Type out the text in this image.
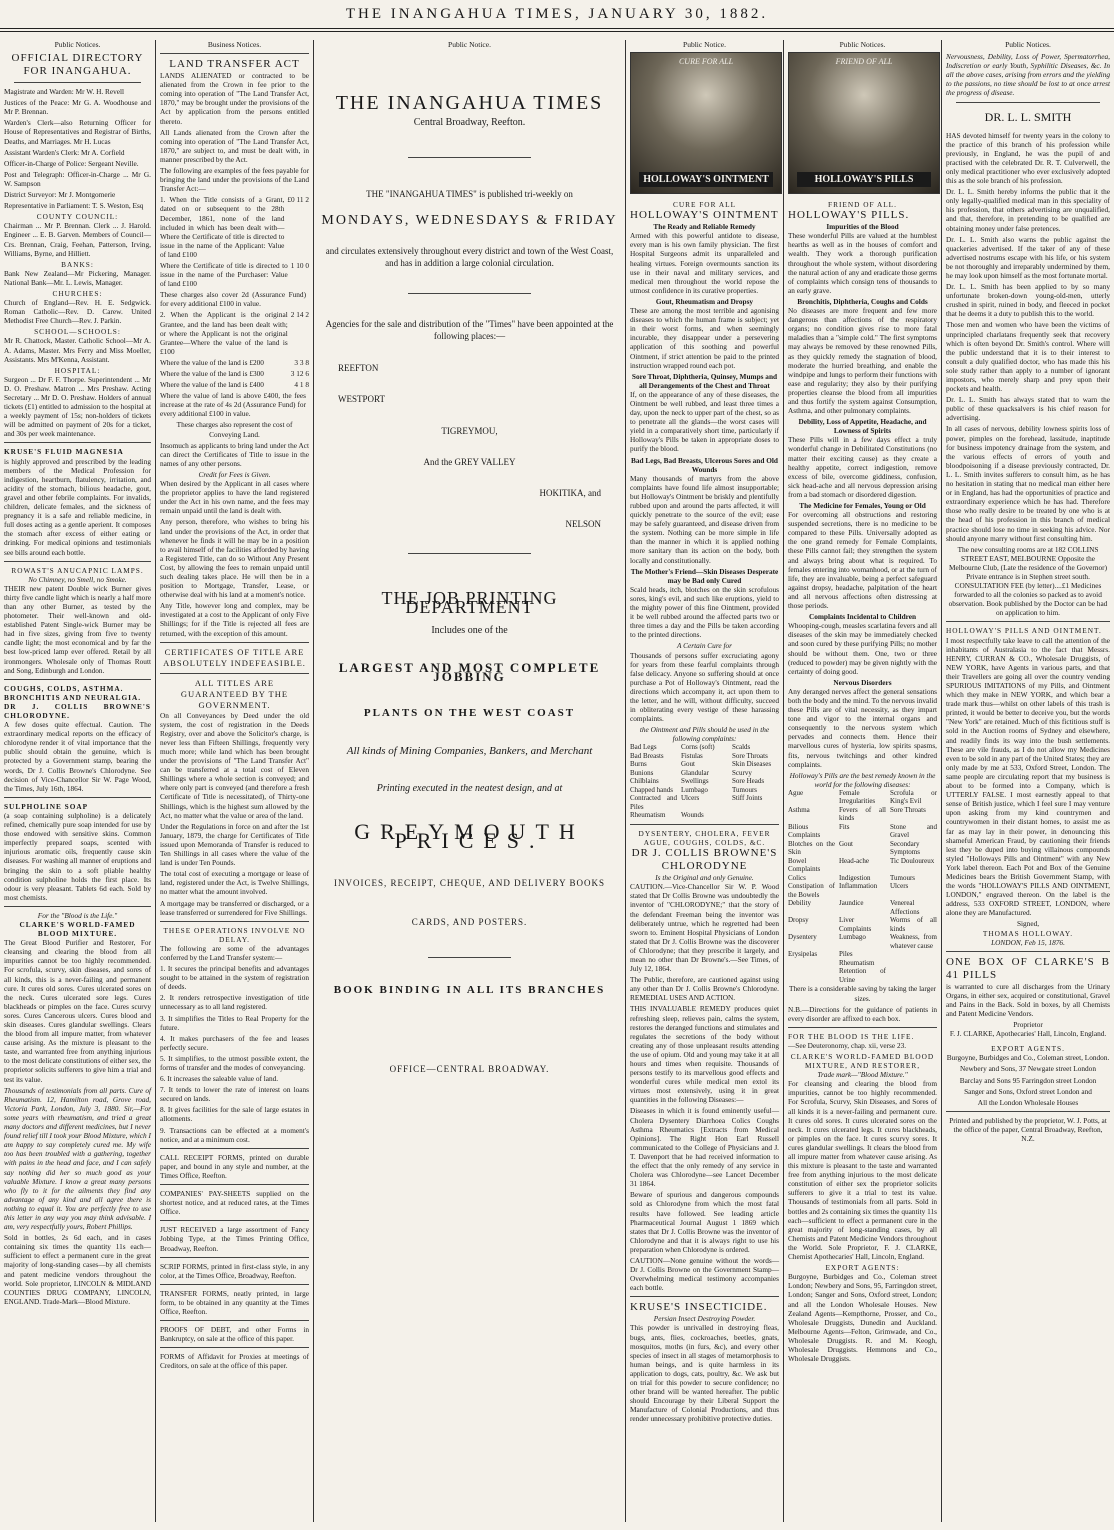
THE INANGAHUA TIMES, JANUARY 30, 1882.
Public Notices.
OFFICIAL DIRECTORY FOR INANGAHUA.
Magistrate and Warden: Mr W. H. Revell
Justices of the Peace: Mr G. A. Woodhouse and Mr P. Brennan.
Warden's Clerk—also Returning Officer for House of Representatives and Registrar of Births, Deaths, and Marriages. Mr H. Lucas
Assistant Warden's Clerk: Mr A. Corfield
Officer-in-Charge of Police: Sergeant Neville.
Post and Telegraph: Officer-in-Charge ... Mr G. W. Sampson
District Surveyor: Mr J. Montgomerie
Representative in Parliament: T. S. Weston, Esq
COUNTY COUNCIL:
Chairman ... Mr P. Brennan. Clerk ... J. Harold. Engineer ... E. B. Garven. Members of Council—Crs. Brennan, Craig, Feehan, Patterson, Irving, Williams, Byrne, and Hilliett.
BANKS:
Bank New Zealand—Mr Pickering, Manager. National Bank—Mr. L. Lewis, Manager.
CHURCHES:
Church of England—Rev. H. E. Sedgwick. Roman Catholic—Rev. D. Carew. United Methodist Free Church—Rev. J. Parkin.
SCHOOL—SCHOOLS:
Mr R. Chattock, Master. Catholic School—Mr A. A. Adams, Master. Mrs Ferry and Miss Moeller, Assistants. Mrs M'Kenna, Assistant.
HOSPITAL:
Surgeon ... Dr F. F. Thorpe. Superintendent ... Mr D. O. Preshaw. Matron ... Mrs Preshaw. Acting Secretary ... Mr D. O. Preshaw. Holders of annual tickets (£1) entitled to admission to the hospital at a weekly payment of 15s; non-holders of tickets will be admitted on payment of 20s for a ticket, and 30s per week maintenance.
KRUSE'S FLUID MAGNESIA
is highly approved and prescribed by the leading members of the Medical Profession for indigestion, heartburn, flatulency, irritation, and acidity of the stomach, bilious headache, gout, gravel and other febrile complaints. For invalids, children, delicate females, and the sickness of pregnancy it is a safe and reliable medicine, in full doses acting as a gentle aperient. It composes the stomach after excess of either eating or drinking. For medical opinions and testimonials see bills around each bottle.
ROWAST'S ANUCAPNIC LAMPS.
No Chimney, no Smell, no Smoke.
THEIR new patent Double wick Burner gives thirty five candle light which is nearly a half more than any other Burner, as tested by the photometer. Their well-known and old-established Patent Single-wick Burner may be had in five sizes, giving from five to twenty candle light; the most economical and by far the best low-priced lamp ever offered. Retail by all ironmongers. Wholesale only of Thomas Routt and Song, Edinburgh and London.
COUGHS, COLDS, ASTHMA.
BRONCHITIS AND NEURALGIA.
DR J. COLLIS BROWNE'S CHLORODYNE.
A few doses quite effectual. Caution. The extraordinary medical reports on the efficacy of chlorodyne render it of vital importance that the public should obtain the genuine, which is protected by a Government stamp, bearing the words, Dr J. Collis Browne's Chlorodyne. See decision of Vice-Chancellor Sir W. Page Wood, the Times, July 16th, 1864.
SULPHOLINE SOAP
(a soap containing sulpholine) is a delicately refined, chemically pure soap intended for use by those endowed with sensitive skins. Common imperfectly prepared soaps, scented with injurious aromatic oils, frequently cause skin diseases. For washing all manner of eruptions and bringing the skin to a soft pliable healthy condition sulpholine holds the first place. Its odour is very pleasant. Tablets 6d each. Sold by most chemists.
For the "Blood is the Life."
CLARKE'S WORLD-FAMED BLOOD MIXTURE.
The Great Blood Purifier and Restorer, For cleansing and clearing the blood from all impurities cannot be too highly recommended. For scrofula, scurvy, skin diseases, and sores of all kinds, this is a never-failing and permanent cure. It cures old sores. Cures ulcerated sores on the neck. Cures ulcerated sore legs. Cures blackheads or pimples on the face. Cures scurvy sores. Cures Cancerous ulcers. Cures blood and skin diseases. Cures glandular swellings. Clears the blood from all impure matter, from whatever cause arising. As the mixture is pleasant to the taste, and warranted free from anything injurious to the most delicate constitutions of either sex, the proprietor solicits sufferers to give him a trial and test its value.
Thousands of testimonials from all parts. Cure of Rheumatism. 12, Hamilton road, Grove road, Victoria Park, London, July 3, 1880. Sir,—For some years with rheumatism, and tried a great many doctors and different medicines, but I never found relief till I took your Blood Mixture, which I am happy to say completely cured me. My wife too has been troubled with a gathering, together with pains in the head and face, and I can safely say nothing did her so much good as your valuable Mixture. I know a great many persons who fly to it for the ailments they find any advantage of any kind and all agree there is nothing to equal it. You are perfectly free to use this letter in any way you may think advisable. I am, very respectfully yours, Robert Phillips.
Sold in bottles, 2s 6d each, and in cases containing six times the quantity 11s each—sufficient to effect a permanent cure in the great majority of long-standing cases—by all chemists and patent medicine vendors throughout the world. Sole proprietor, LINCOLN & MIDLAND COUNTIES DRUG COMPANY, LINCOLN, ENGLAND. Trade-Mark—Blood Mixture.
Business Notices.
LAND TRANSFER ACT
LANDS ALIENATED or contracted to be alienated from the Crown in fee prior to the coming into operation of "The Land Transfer Act, 1870," may be brought under the provisions of the Act by application from the persons entitled thereto.
All Lands alienated from the Crown after the coming into operation of "The Land Transfer Act, 1870," are subject to, and must be dealt with, in manner prescribed by the Act.
The following are examples of the fees payable for bringing the land under the provisions of the Land Transfer Act:—
1. When the Title consists of a Grant, dated on or subsequent to the 28th December, 1861, none of the land included in which has been dealt with—Where the Certificate of title is directed to issue in the name of the Applicant: Value of land £100
£0 11 2
Where the Certificate of title is directed to issue in the name of the Purchaser: Value of land £100
1 10 0
These charges also cover 2d (Assurance Fund) for every additional £100 in value.
2. When the Applicant is the original Grantee, and the land has been dealt with; or where the Applicant is not the original Grantee—Where the value of the land is £100
2 14 2
Where the value of the land is £200	3 3 8
Where the value of the land is £300	3 12 6
Where the value of the land is £400	4 1 8
Where the value of land is above £400, the fees increase at the rate of 4s 2d (Assurance Fund) for every additional £100 in value.
These charges also represent the cost of Conveying Land.
Insomuch as applicants to bring land under the Act can direct the Certificates of Title to issue in the names of any other persons.
Credit for Fees is Given.
When desired by the Applicant in all cases where the proprietor applies to have the land registered under the Act in his own name, and the fees may remain unpaid until the land is dealt with.
Any person, therefore, who wishes to bring his land under the provisions of the Act, in order that whenever he finds it will he may be in a position to avail himself of the facilities afforded by having a Registered Title, can do so Without Any Present Cost, by allowing the fees to remain unpaid until such dealing takes place. He will then be in a position to Mortgage, Transfer, Lease, or otherwise deal with his land at a moment's notice.
Any Title, however long and complex, may be investigated at a cost to the Applicant of only Five Shillings; for if the Title is rejected all fees are returned, with the exception of this amount.
CERTIFICATES OF TITLE ARE ABSOLUTELY INDEFEASIBLE.
ALL TITLES ARE GUARANTEED BY THE GOVERNMENT.
On all Conveyances by Deed under the old system, the cost of registration in the Deeds Registry, over and above the Solicitor's charge, is never less than Fifteen Shillings, frequently very much more; while land which has been brought under the provisions of "The Land Transfer Act" can be transferred at a total cost of Eleven Shillings where a whole section is conveyed; and where only part is conveyed (and therefore a fresh Certificate of Title is necessitated), of Thirty-one Shillings, which is the highest sum allowed by the Act, no matter what the value or area of the land.
Under the Regulations in force on and after the 1st January, 1879, the charge for Certificates of Title issued upon Memoranda of Transfer is reduced to Ten Shillings in all cases where the value of the land is under Ten Pounds.
The total cost of executing a mortgage or lease of land, registered under the Act, is Twelve Shillings, no matter what the amount involved.
A mortgage may be transferred or discharged, or a lease transferred or surrendered for Five Shillings.
THESE OPERATIONS INVOLVE NO DELAY.
The following are some of the advantages conferred by the Land Transfer system:—
1. It secures the principal benefits and advantages sought to be attained in the system of registration of deeds.
2. It renders retrospective investigation of title unnecessary as to all land registered.
3. It simplifies the Titles to Real Property for the future.
4. It makes purchasers of the fee and leases perfectly secure.
5. It simplifies, to the utmost possible extent, the forms of transfer and the modes of conveyancing.
6. It increases the saleable value of land.
7. It tends to lower the rate of interest on loans secured on lands.
8. It gives facilities for the sale of large estates in allotments.
9. Transactions can be effected at a moment's notice, and at a minimum cost.
CALL RECEIPT FORMS, printed on durable paper, and bound in any style and number, at the Times Office, Reefton.
COMPANIES' PAY-SHEETS supplied on the shortest notice, and at reduced rates, at the Times Office.
JUST RECEIVED a large assortment of Fancy Jobbing Type, at the Times Printing Office, Broadway, Reefton.
SCRIP FORMS, printed in first-class style, in any color, at the Times Office, Broadway, Reefton.
TRANSFER FORMS, neatly printed, in large form, to be obtained in any quantity at the Times Office, Reefton.
PROOFS OF DEBT, and other Forms in Bankruptcy, on sale at the office of this paper.
FORMS of Affidavit for Proxies at meetings of Creditors, on sale at the office of this paper.
Public Notice.
THE INANGAHUA TIMES
Central Broadway, Reefton.
THE "INANGAHUA TIMES" is published tri-weekly on
MONDAYS, WEDNESDAYS & FRIDAY
and circulates extensively throughout every district and town of the West Coast, and has in addition a large colonial circulation.
Agencies for the sale and distribution of the "Times" have been appointed at the following places:—
REEFTON
WESTPORT
TIGREYMOU,
And the GREY VALLEY
HOKITIKA, and
NELSON
THE JOB PRINTING DEPARTMENT
Includes one of the
LARGEST AND MOST COMPLETE JOBBING
PLANTS ON THE WEST COAST
All kinds of Mining Companies, Bankers, and Merchant
Printing executed in the neatest design, and at
GREYMOUTH PRICES.
INVOICES, RECEIPT, CHEQUE, AND DELIVERY BOOKS
CARDS, AND POSTERS.
BOOK BINDING IN ALL ITS BRANCHES
OFFICE—CENTRAL BROADWAY.
Public Notice.
CURE FOR ALL
HOLLOWAY'S OINTMENT
CURE FOR ALL
HOLLOWAY'S OINTMENT
The Ready and Reliable Remedy
Armed with this powerful antidote to disease, every man is his own family physician. The first Hospital Surgeons admit its unparalleled and healing virtues. Foreign overmounts sanction its use in their naval and military services, and medical men throughout the world repose the utmost confidence in its curative properties.
Gout, Rheumatism and Dropsy
These are among the most terrible and agonising diseases to which the human frame is subject; yet in their worst forms, and when seemingly incurable, they disappear under a persevering application of this soothing and powerful Ointment, if strict attention be paid to the printed instruction wrapped round each pot.
Sore Throat, Diphtheria, Quinsey, Mumps and all Derangements of the Chest and Throat
If, on the appearance of any of these diseases, the Ointment be well rubbed, and least three times a day, upon the neck to upper part of the chest, so as to penetrate all the glands—the worst cases will yield in a comparatively short time, particularly if Holloway's Pills be taken in appropriate doses to purify the blood.
Bad Legs, Bad Breasts, Ulcerous Sores and Old Wounds
Many thousands of martyrs from the above complaints have found life almost insupportable; but Holloway's Ointment be briskly and plentifully rubbed upon and around the parts affected, it will quickly penetrate to the source of the evil; ease may be safely guaranteed, and disease driven from the system. Nothing can be more simple in life than the manner in which it is applied nothing more sanitary than its action on the body, both locally and constitutionally.
The Mother's Friend—Skin Diseases Desperate may be Bad only Cured
Scald heads, itch, blotches on the skin scrofulous sores, king's evil, and such like eruptions, yield to the mighty power of this fine Ointment, provided it be well rubbed around the affected parts two or three times a day and the Pills be taken according to the printed directions.
A Certain Cure for
Thousands of persons suffer excruciating agony for years from these fearful complaints through false delicacy. Anyone so suffering should at once purchase a Pot of Holloway's Ointment, read the directions which accompany it, act upon them to the letter, and he will, without difficulty, succeed in obliterating every vestige of these harassing complaints.
the Ointment and Pills should be used in the following complaints:
Bad Legs	Corns (soft)	Scalds
Bad Breasts	Fistulas	Sore Throats
Burns	Gout	Skin Diseases
Bunions	Glandular	Scurvy
Chilblains	Swellings	Sore Heads
Chapped hands	Lumbago	Tumours
Contracted and Piles
Ulcers	Stiff Joints
Rheumatism	Wounds
DYSENTERY, CHOLERA, FEVER AGUE, COUGHS, COLDS, &C.
DR J. COLLIS BROWNE'S CHLORODYNE
Is the Original and only Genuine.
CAUTION.—Vice-Chancellor Sir W. P. Wood stated that Dr Collis Browne was undoubtedly the inventor of "CHLORODYNE;" that the story of the defendant Freeman being the inventor was deliberately untrue, which he regretted had been sworn to. Eminent Hospital Physicians of London stated that Dr J. Collis Browne was the discoverer of Chlorodyne; that they prescribe it largely, and mean no other than Dr Browne's.—See Times, of July 12, 1864.
The Public, therefore, are cautioned against using any other than Dr J. Collis Browne's Chlorodyne. REMEDIAL USES AND ACTION.
THIS INVALUABLE REMEDY produces quiet refreshing sleep, relieves pain, calms the system, restores the deranged functions and stimulates and regulates the secretions of the body without creating any of those unpleasant results attending the use of opium. Old and young may take it at all hours and times when requisite. Thousands of persons testify to its marvellous good effects and wonderful cures while medical men extol its virtues most extensively, using it in great quantities in the following Diseases:—
Diseases in which it is found eminently useful—Cholera Dysentery Diarrhoea Colics Coughs Asthma Rheumatics [Extracts from Medical Opinions]. The Right Hon Earl Russell communicated to the College of Physicians and J. T. Davenport that he had received information to the effect that the only remedy of any service in Cholera was Chlorodyne—see Lancet December 31 1864.
Beware of spurious and dangerous compounds sold as Chlorodyne from which the most fatal results have followed. See leading article Pharmaceutical Journal August 1 1869 which states that Dr J. Collis Browne was the inventor of Chlorodyne and that it is always right to use his preparation when Chlorodyne is ordered.
CAUTION—None genuine without the words—Dr J. Collis Browne on the Government Stamp—Overwhelming medical testimony accompanies each bottle.
KRUSE'S INSECTICIDE.
Persian Insect Destroying Powder.
This powder is unrivalled in destroying fleas, bugs, ants, flies, cockroaches, beetles, gnats, mosquitos, moths (in furs, &c), and every other species of insect in all stages of metamorphosis to human beings, and is quite harmless in its application to dogs, cats, poultry, &c. We ask but on trial for this powder to secure confidence; no other brand will be wanted hereafter. The public should Encourage by their Liberal Support the Manufacture of Colonial Productions, and thus render unnecessary prohibitive protective duties.
Public Notices.
FRIEND OF ALL
HOLLOWAY'S PILLS
FRIEND OF ALL.
HOLLOWAY'S PILLS.
Impurities of the Blood
These wonderful Pills are valued at the humblest hearths as well as in the houses of comfort and wealth. They work a thorough purification throughout the whole system, without disordering the natural action of any and eradicate those germs of complaints which consign tens of thousands to an early grave.
Bronchitis, Diphtheria, Coughs and Colds
No diseases are more frequent and few more dangerous than affections of the respiratory organs; no condition gives rise to more fatal maladies than a "simple cold." The first symptoms may always be removed by these renowned Pills, as they quickly remedy the stagnation of blood, moderate the hurried breathing, and enable the windpipe and lungs to perform their functions with ease and regularity; they also by their purifying properties cleanse the blood from all impurities and thus fortify the system against Consumption, Asthma, and other pulmonary complaints.
Debility, Loss of Appetite, Headache, and Lowness of Spirits
These Pills will in a few days effect a truly wonderful change in Debilitated Constitutions (no matter their exciting cause) as they create a healthy appetite, correct indigestion, remove excess of bile, overcome giddiness, confusion, sick head-ache and all nervous depression arising from a bad stomach or disordered digestion.
The Medicine for Females, Young or Old
For overcoming all obstructions and restoring suspended secretions, there is no medicine to be compared to these Pills. Universally adopted as the one grand remedy for Female Complaints, these Pills cannot fail; they strengthen the system and always bring about what is required. To females entering into womanhood, or at the turn of life, they are invaluable, being a perfect safeguard against dropsy, headache, palpitation of the heart and all nervous affections often distressing at those periods.
Complaints Incidental to Children
Whooping-cough, measles scarlatina fevers and all diseases of the skin may be immediately checked and soon cured by these purifying Pills; no mother should be without them. One, two or three (reduced to powder) may be given nightly with the certainty of doing good.
Nervous Disorders
Any deranged nerves affect the general sensations both the body and the mind. To the nervous invalid these Pills are of vital necessity, as they impart tone and vigor to the internal organs and consequently to the nervous system which pervades and connects them. Hence their marvellous cures of hysteria, low spirits spasms, fits, nervous twitchings and other kindred complaints.
Holloway's Pills are the best remedy known in the world for the following diseases:
Ague	Female Irregularities
Scrofula or King's Evil
Asthma	Fevers of all kinds
Sore Throats
Bilious Complaints
Fits	Stone and Gravel
Blotches on the Skin
Gout	Secondary Symptoms
Bowel Complaints
Head-ache	Tic Douloureux
Colics	Indigestion	Tumours
Constipation of the Bowels
Inflammation	Ulcers
Debility	Jaundice	Venereal Affections
Dropsy	Liver Complaints
Worms of all kinds
Dysentery	Lumbago	Weakness, from whatever cause
Erysipelas	Piles
Rheumatism
Retention of Urine
There is a considerable saving by taking the larger sizes.
N.B.—Directions for the guidance of patients in every disorder are affixed to each box.
FOR THE BLOOD IS THE LIFE.
—See Deuteronomy, chap. xii, verse 23.
CLARKE'S WORLD-FAMED BLOOD MIXTURE, AND RESTORER,
Trade mark—"Blood Mixture."
For cleansing and clearing the blood from impurities, cannot be too highly recommended. For Scrofula, Scurvy, Skin Diseases, and Sores of all kinds it is a never-failing and permanent cure. It cures old sores. It cures ulcerated sores on the neck. It cures ulcerated legs. It cures blackheads, or pimples on the face. It cures scurvy sores. It cures glandular swellings. It clears the blood from all impure matter from whatever cause arising. As this mixture is pleasant to the taste and warranted free from anything injurious to the most delicate constitution of either sex the proprietor solicits sufferers to give it a trial to test its value. Thousands of testimonials from all parts. Sold in bottles and 2s containing six times the quantity 11s each—sufficient to effect a permanent cure in the great majority of long-standing cases, by all Chemists and Patent Medicine Vendors throughout the World. Sole Proprietor, F. J. CLARKE, Chemist Apothecaries' Hall, Lincoln, England.
EXPORT AGENTS:
Burgoyne, Burbidges and Co., Coleman street London; Newbery and Sons, 95, Farringdon street, London; Sanger and Sons, Oxford street, London; and all the London Wholesale Houses. New Zealand Agents—Kempthorne, Prosser, and Co., Wholesale Druggists, Dunedin and Auckland. Melbourne Agents—Felton, Grimwade, and Co., Wholesale Druggists. R. and M. Keogh, Wholesale Druggists. Hemmons and Co., Wholesale Druggists.
Public Notices.
Nervousness, Debility, Loss of Power, Spermatorrhea, Indiscretion or early Youth, Syphilitic Diseases, &c. In all the above cases, arising from errors and the yielding to the passions, no time should be lost to at once arrest the progress of disease.
DR. L. L. SMITH
HAS devoted himself for twenty years in the colony to the practice of this branch of his profession while previously, in England, he was the pupil of and practised with the celebrated Dr. R. T. Culverwell, the only medical practitioner who ever exclusively adopted this as the sole branch of his profession.
Dr. L. L. Smith hereby informs the public that it the only legally-qualified medical man in this speciality of his profession, that others advertising are unqualified, and that, therefore, in pretending to be qualified are obtaining money under false pretences.
Dr. L. L. Smith also warns the public against the quackeries advertised. If the taker of any of these advertised nostrums escape with his life, or his system be not thoroughly and irreparably undermined by them, he may look upon himself as the most fortunate mortal.
Dr. L. L. Smith has been applied to by so many unfortunate broken-down young-old-men, utterly crushed in spirit, ruined in body, and fleeced in pocket that he deems it a duty to publish this to the world.
Those men and women who have been the victims of unprincipled charlatans frequently seek that recovery which is often beyond Dr. Smith's control. Where will the public understand that it is to their interest to consult a duly qualified doctor, who has made this his sole study rather than apply to a number of ignorant impostors, who merely sharp and prey upon their pockets and health.
Dr. L. L. Smith has always stated that to warn the public of these quacksalvers is his chief reason for advertising.
In all cases of nervous, debility lowness spirits loss of power, pimples on the forehead, lassitude, inaptitude for business impotency drainage from the system, and the various effects of errors of youth and bloodpoisoning if a disease previously contracted, Dr. L. L. Smith invites sufferers to consult him, as he has no hesitation in stating that no medical man either here or in England, has had the opportunities of practice and extraordinary experience which he has had. Therefore those who really desire to be treated by one who is at the head of his profession in this branch of medical practice should lose no time in seeking his advice. Nor should anyone marry without first consulting him.
The new consulting rooms are at 182 COLLINS STREET EAST, MELBOURNE Opposite the Melbourne Club, (Late the residence of the Governor) Private entrance is in Stephen street south. CONSULTATION FEE (by letter)....£1 Medicines forwarded to all the colonies so packed as to avoid observation. Book published by the Doctor can be had on application to him.
HOLLOWAY'S PILLS AND OINTMENT.
I most respectfully take leave to call the attention of the inhabitants of Australasia to the fact that Messrs. HENRY, CURRAN & CO., Wholesale Druggists, of NEW YORK, have Agents in various parts, and that their Travellers are going all over the country vending SPURIOUS IMITATIONS of my Pills, and Ointment which they make in NEW YORK, and which bear a trade mark thus—whilst on other labels of this trash is printed, it would be better to deceive you, but the words "New York" are retained. Much of this fictitious stuff is sold in the Auction rooms of Sydney and elsewhere, and readily finds its way into the bush settlements. These are vile frauds, as I do not allow my Medicines even to be sold in any part of the United States; they are only made by me at 533, Oxford Street, London. The same people are circulating report that my business is about to be formed into a Company, which is UTTERLY FALSE. I most earnestly appeal to that sense of British justice, which I feel sure I may venture upon asking from my kind countrymen and countrywomen in their distant homes, to assist me as far as may lay in their power, in denouncing this shameful American Fraud, by cautioning their friends lest they be duped into buying villainous compounds styled "Holloways Pills and Ointment" with any New York label thereon. Each Pot and Box of the Genuine Medicines bears the British Government Stamp, with the words "HOLLOWAY'S PILLS AND OINTMENT, LONDON," engraved thereon. On the label is the address, 533 OXFORD STREET, LONDON, where alone they are Manufactured.
Signed,
THOMAS HOLLOWAY.
LONDON, Feb 15, 1876.
ONE BOX OF CLARKE'S B 41 PILLS
is warranted to cure all discharges from the Urinary Organs, in either sex, acquired or constitutional, Gravel and Pains in the Back. Sold in boxes, by all Chemists and Patent Medicine Vendors.
Proprietor
F. J. CLARKE, Apothecaries' Hall, Lincoln, England.
EXPORT AGENTS.
Burgoyne, Burbidges and Co., Coleman street, London.
Newbery and Sons, 37 Newgate street London
Barclay and Sons 95 Farringdon street London
Sanger and Sons, Oxford street London and
All the London Wholesale Houses
Printed and published by the proprietor, W. J. Potts, at the office of the paper, Central Broadway, Reefton, N.Z.
